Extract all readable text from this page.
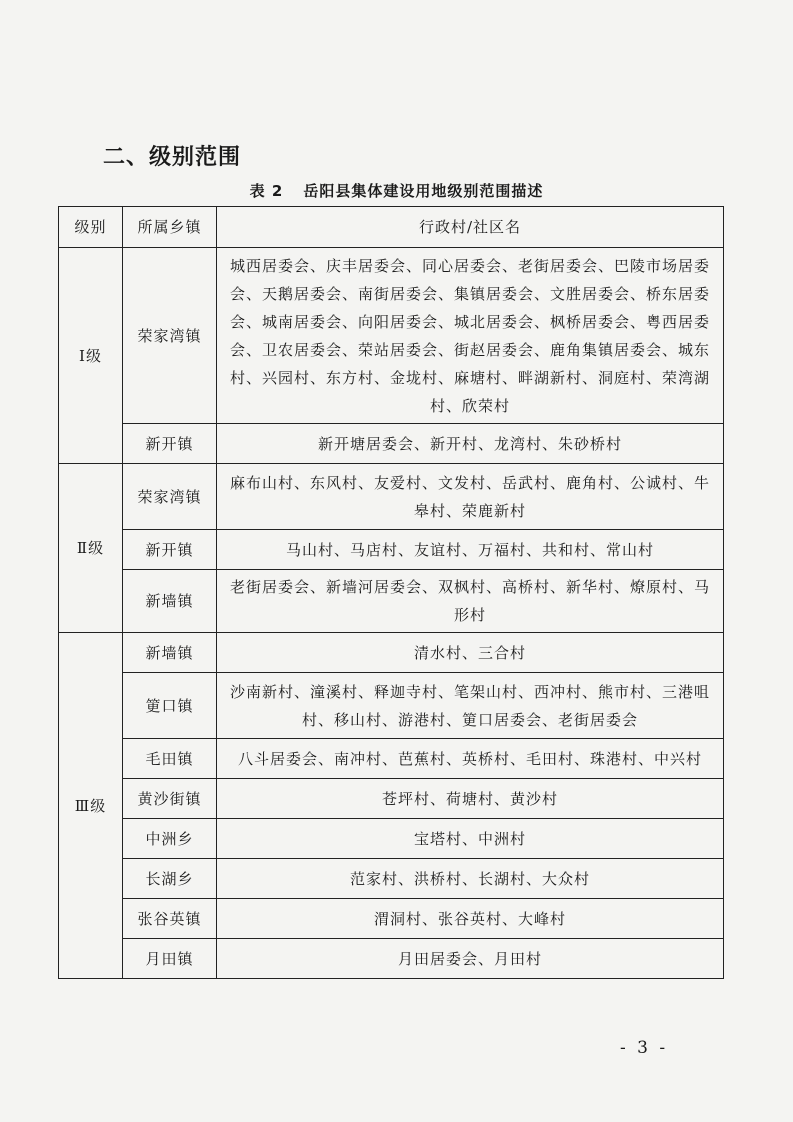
二、级别范围
表 2 岳阳县集体建设用地级别范围描述
级别	所属乡镇	行政村/社区名
Ⅰ级	荣家湾镇	城西居委会、庆丰居委会、同心居委会、老街居委会、巴陵市场居委会、天鹅居委会、南街居委会、集镇居委会、文胜居委会、桥东居委会、城南居委会、向阳居委会、城北居委会、枫桥居委会、粤西居委会、卫农居委会、荣站居委会、街赵居委会、鹿角集镇居委会、城东村、兴园村、东方村、金垅村、麻塘村、畔湖新村、洞庭村、荣湾湖村、欣荣村
	新开镇	新开塘居委会、新开村、龙湾村、朱砂桥村
Ⅱ级	荣家湾镇	麻布山村、东风村、友爱村、文发村、岳武村、鹿角村、公诚村、牛皋村、荣鹿新村
	新开镇	马山村、马店村、友谊村、万福村、共和村、常山村
	新墙镇	老街居委会、新墙河居委会、双枫村、高桥村、新华村、燎原村、马形村
Ⅲ级	新墙镇	清水村、三合村
	筻口镇	沙南新村、潼溪村、释迦寺村、笔架山村、西冲村、熊市村、三港咀村、移山村、游港村、筻口居委会、老街居委会
	毛田镇	八斗居委会、南冲村、芭蕉村、英桥村、毛田村、珠港村、中兴村
	黄沙街镇	苍坪村、荷塘村、黄沙村
	中洲乡	宝塔村、中洲村
	长湖乡	范家村、洪桥村、长湖村、大众村
	张谷英镇	渭洞村、张谷英村、大峰村
	月田镇	月田居委会、月田村
- 3 -
